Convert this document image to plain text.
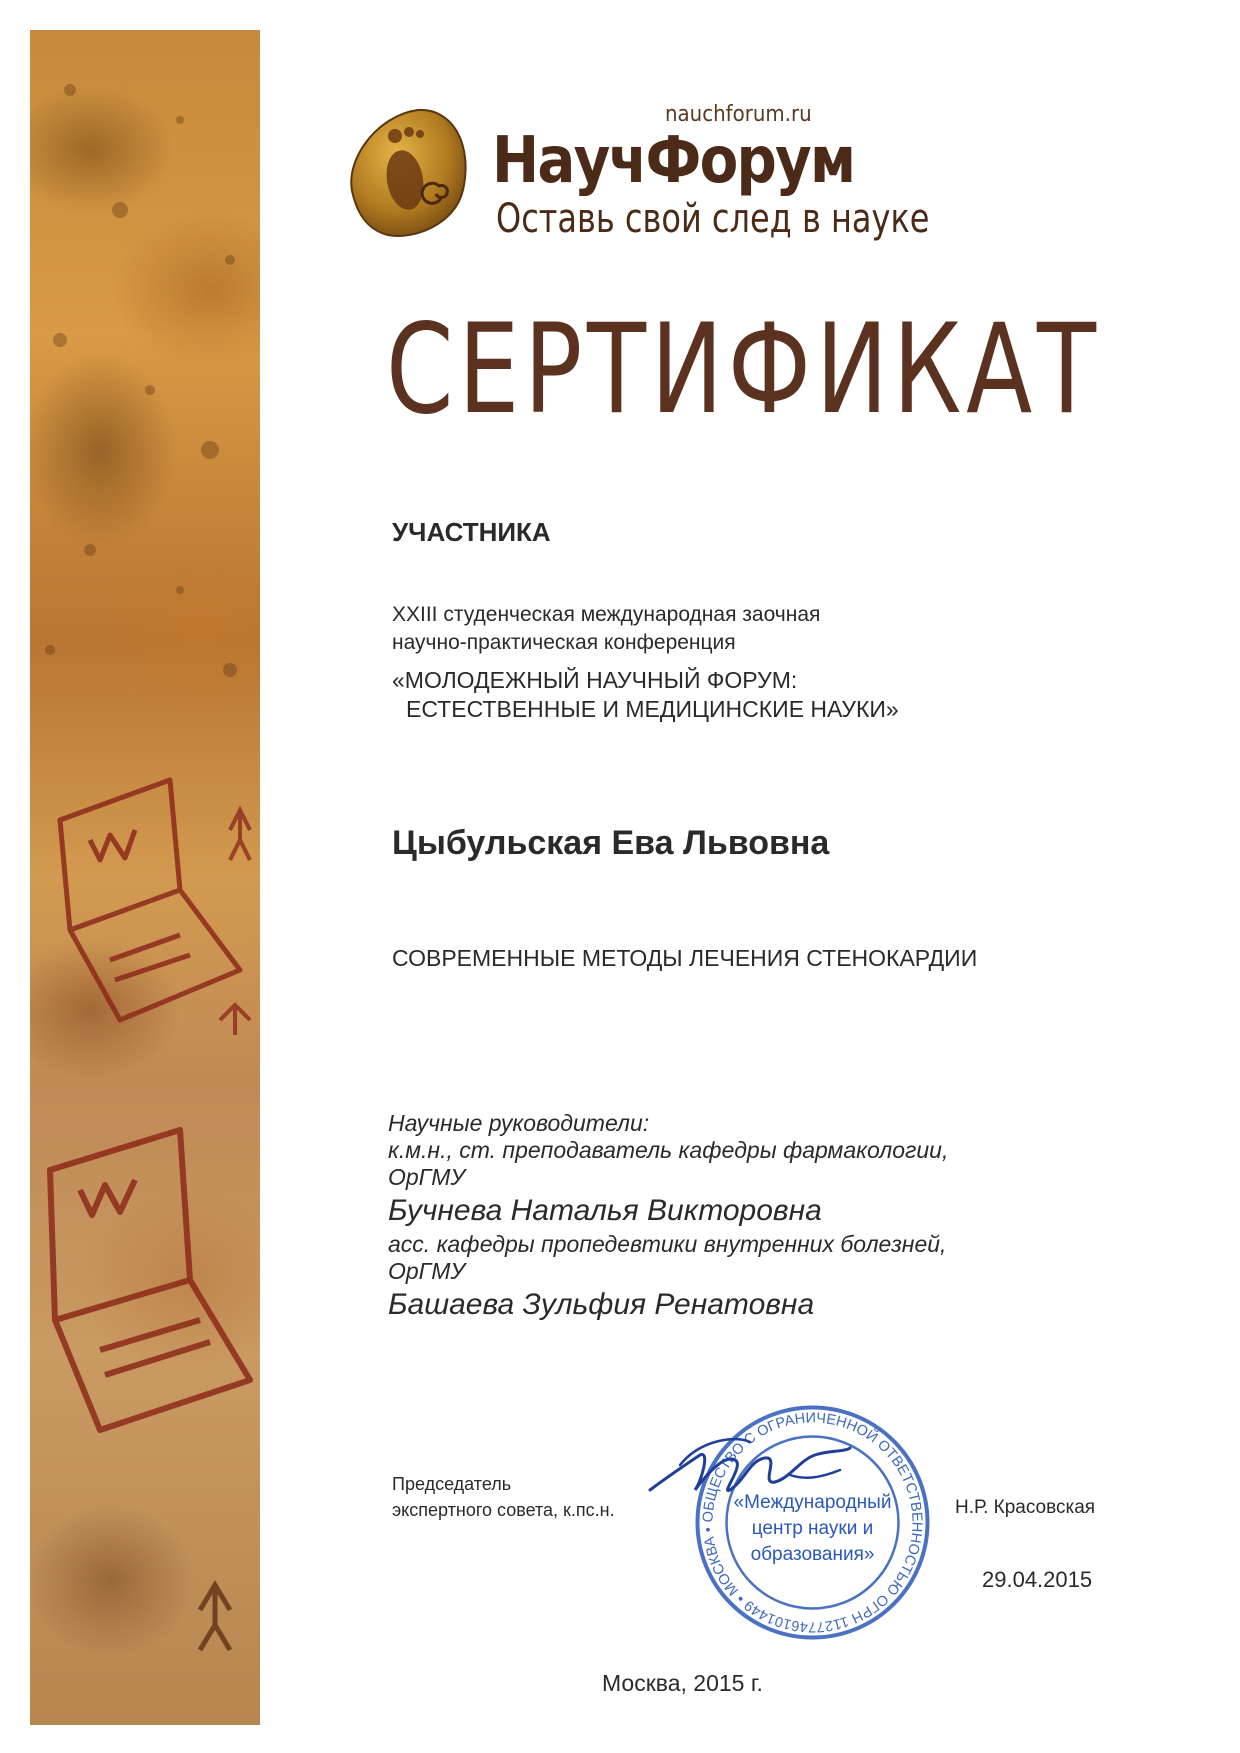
nauchforum.ru
НаучФорум
Оставь свой след в науке
СЕРТИФИКАТ
УЧАСТНИКА
XXIII студенческая международная заочная
научно-практическая конференция
«МОЛОДЕЖНЫЙ НАУЧНЫЙ ФОРУМ:
ЕСТЕСТВЕННЫЕ И МЕДИЦИНСКИЕ НАУКИ»
Цыбульская Ева Львовна
СОВРЕМЕННЫЕ МЕТОДЫ ЛЕЧЕНИЯ СТЕНОКАРДИИ
Научные руководители:
к.м.н., ст. преподаватель кафедры фармакологии,
ОрГМУ
Бучнева Наталья Викторовна
асс. кафедры пропедевтики внутренних болезней,
ОрГМУ
Башаева Зульфия Ренатовна
Председатель
экспертного совета, к.пс.н.	ОБЩЕСТВО С ОГРАНИЧЕННОЙ ОТВЕТСТВЕННОСТЬЮ ОГРН 1127746101449 • МОСКВА •
«Международный
центр науки и
образования»
Н.Р. Красовская
29.04.2015
Москва, 2015 г.
